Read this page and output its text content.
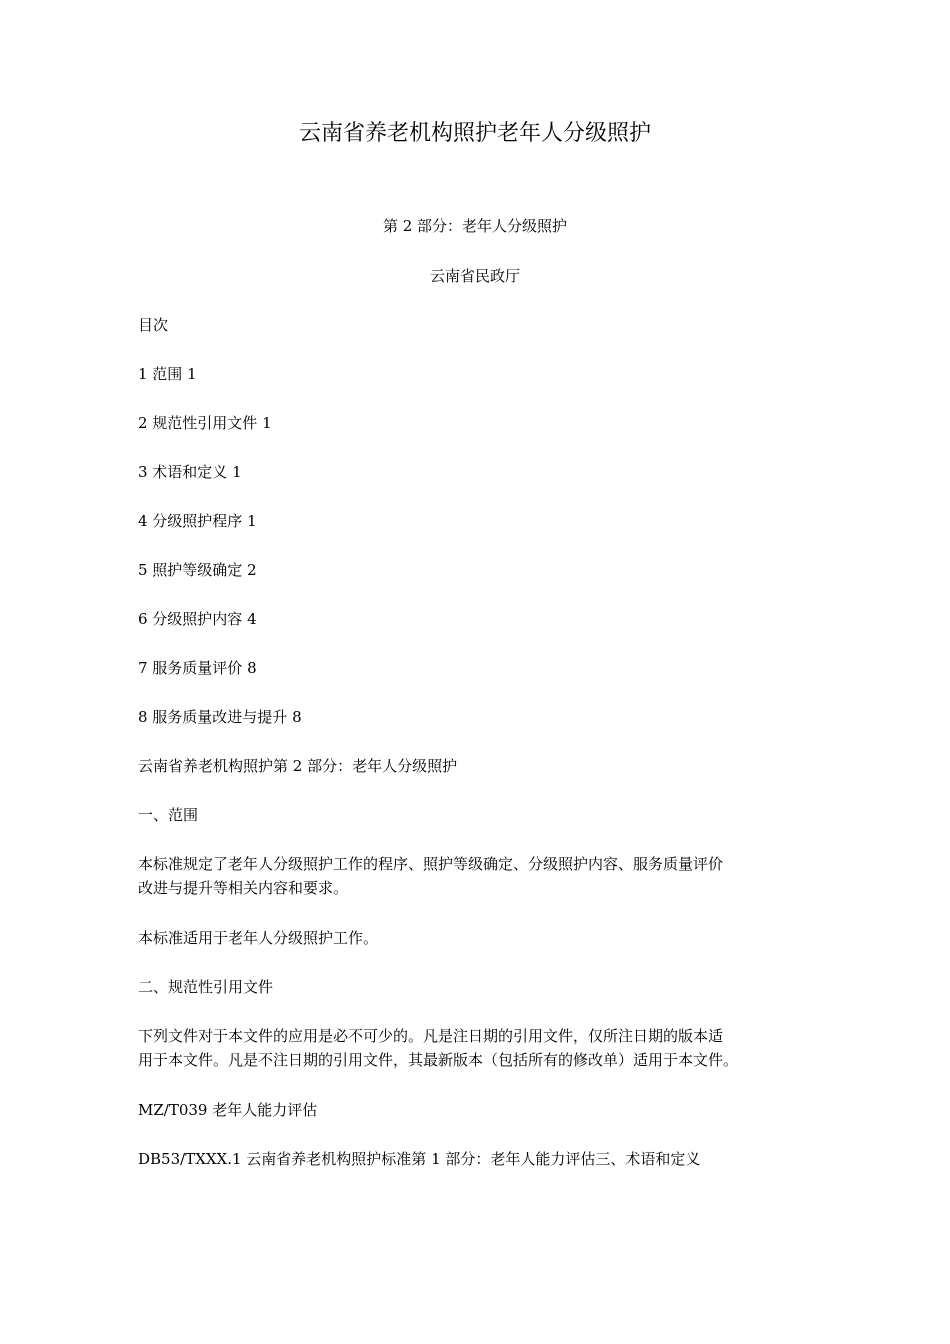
云南省养老机构照护老年人分级照护
第 2 部分：老年人分级照护
云南省民政厅
目次
1 范围 1
2 规范性引用文件 1
3 术语和定义 1
4 分级照护程序 1
5 照护等级确定 2
6 分级照护内容 4
7 服务质量评价 8
8 服务质量改进与提升 8
云南省养老机构照护第 2 部分：老年人分级照护
一、范围
本标准规定了老年人分级照护工作的程序、照护等级确定、分级照护内容、服务质量评价
改进与提升等相关内容和要求。
本标准适用于老年人分级照护工作。
二、规范性引用文件
下列文件对于本文件的应用是必不可少的。凡是注日期的引用文件，仅所注日期的版本适
用于本文件。凡是不注日期的引用文件，其最新版本（包括所有的修改单）适用于本文件。
MZ/T039 老年人能力评估
DB53/TXXX.1 云南省养老机构照护标准第 1 部分：老年人能力评估三、术语和定义
